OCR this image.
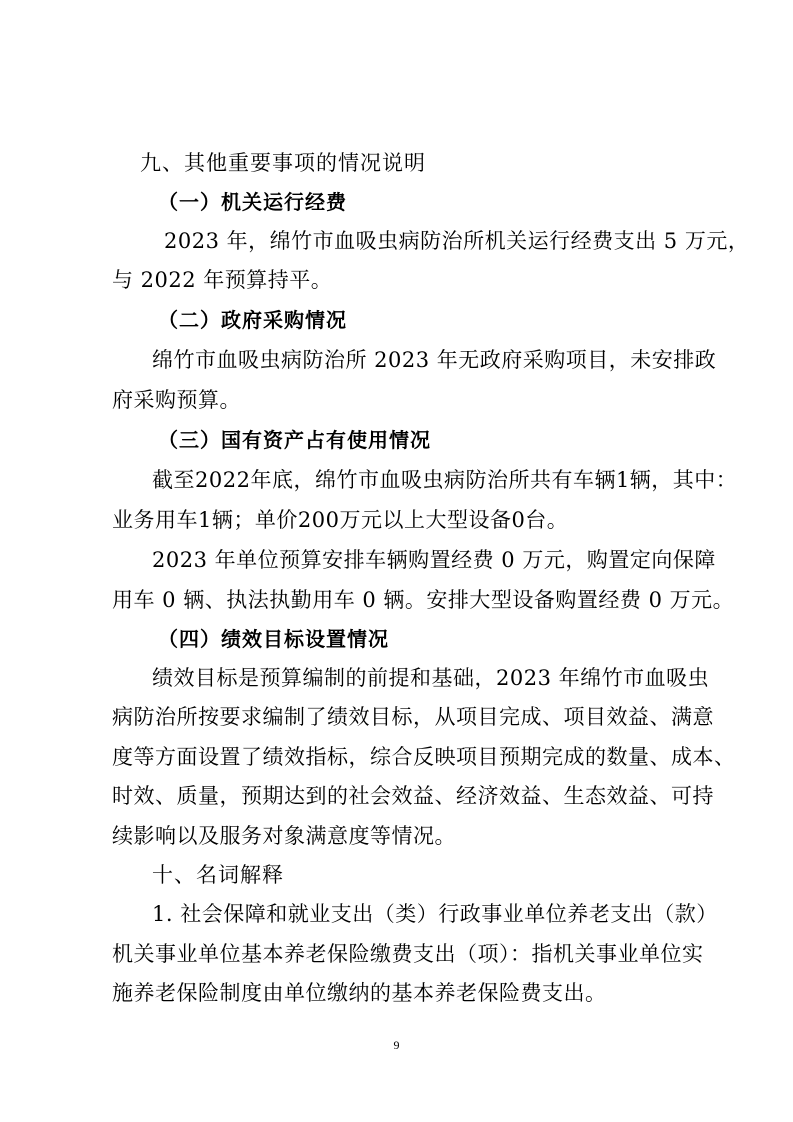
九、其他重要事项的情况说明
（一）机关运行经费
2023 年，绵竹市血吸虫病防治所机关运行经费支出 5 万元，
与 2022 年预算持平。
（二）政府采购情况
绵竹市血吸虫病防治所 2023 年无政府采购项目，未安排政
府采购预算。
（三）国有资产占有使用情况
截至2022年底，绵竹市血吸虫病防治所共有车辆1辆，其中：
业务用车1辆；单价200万元以上大型设备0台。
2023 年单位预算安排车辆购置经费 0 万元，购置定向保障
用车 0 辆、执法执勤用车 0 辆。安排大型设备购置经费 0 万元。
（四）绩效目标设置情况
绩效目标是预算编制的前提和基础，2023 年绵竹市血吸虫
病防治所按要求编制了绩效目标，从项目完成、项目效益、满意
度等方面设置了绩效指标，综合反映项目预期完成的数量、成本、
时效、质量，预期达到的社会效益、经济效益、生态效益、可持
续影响以及服务对象满意度等情况。
十、名词解释
1. 社会保障和就业支出（类）行政事业单位养老支出（款）
机关事业单位基本养老保险缴费支出（项）：指机关事业单位实
施养老保险制度由单位缴纳的基本养老保险费支出。
9
